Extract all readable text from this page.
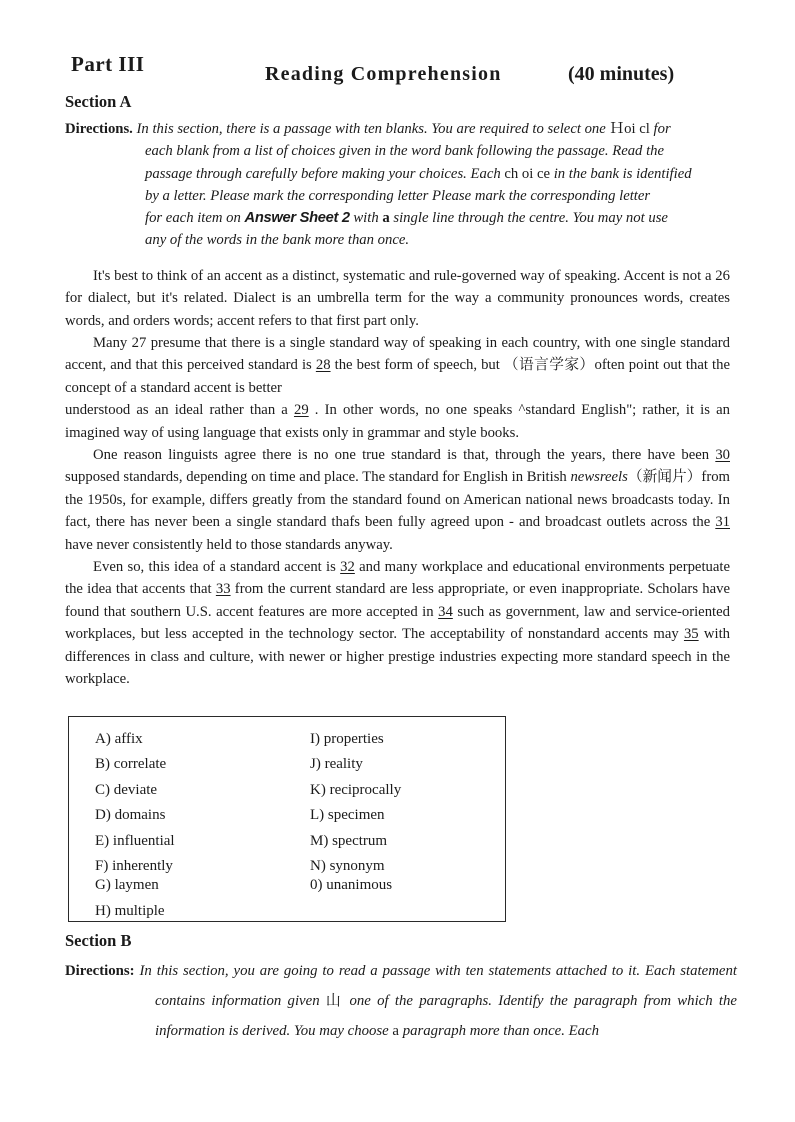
Part III	Reading Comprehension	(40 minutes)
Section A
Directions. In this section, there is a passage with ten blanks. You are required to select one Ｈoi cl for
each blank from a list of choices given in the word bank following the passage. Read the
passage through carefully before making your choices. Each ch oi ce in the bank is identified
by a letter. Please mark the corresponding letter Please mark the corresponding letter
for each item on Answer Sheet 2 with a single line through the centre. You may not use
any of the words in the bank more than once.

It's best to think of an accent as a distinct, systematic and rule-governed way of speaking. Accent is not a 26 for dialect, but it's related. Dialect is an umbrella term for the way a community pronounces words, creates words, and orders words; accent refers to that first part only.

Many 27 presume that there is a single standard way of speaking in each country, with one single standard accent, and that this perceived standard is 28 the best form of speech, but （语言学家）often point out that the concept of a standard accent is better
understood as an ideal rather than a 29 . In other words, no one speaks ^standard English"; rather, it is an imagined way of using language that exists only in grammar and style books.

One reason linguists agree there is no one true standard is that, through the years, there have been 30 supposed standards, depending on time and place. The standard for English in British newsreels（新闻片）from the 1950s, for example, differs greatly from the standard found on American national news broadcasts today. In fact, there has never been a single standard thafs been fully agreed upon - and broadcast outlets across the 31 have never consistently held to those standards anyway.

Even so, this idea of a standard accent is 32 and many workplace and educational environments perpetuate the idea that accents that 33 from the current standard are less appropriate, or even inappropriate. Scholars have found that southern U.S. accent features are more accepted in 34 such as government, law and service-oriented workplaces, but less accepted in the technology sector. The acceptability of nonstandard accents may 35 with differences in class and culture, with newer or higher prestige industries expecting more standard speech in the workplace.

A) affix	I) properties
B) correlate	J) reality
C) deviate	K) reciprocally
D) domains	L) specimen
E) influential	M) spectrum
F) inherently	N) synonym
G) laymen	0) unanimous
H) multiple
Section B
Directions: In this section, you are going to read a passage with ten statements attached to it. Each statement contains information given 山 one of the paragraphs. Identify the paragraph from which the information is derived. You may choose a paragraph more than once. Each
